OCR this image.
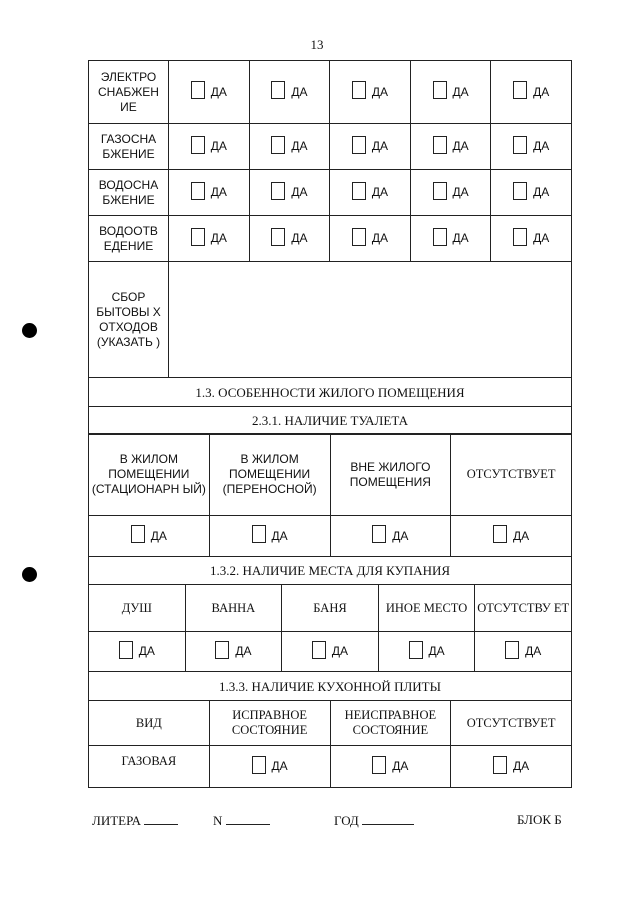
13
ЭЛЕКТРО СНАБЖЕН ИЕ	ДА	ДА	ДА	ДА	ДА

ГАЗОСНА БЖЕНИЕ	ДА	ДА	ДА	ДА	ДА

ВОДОСНА БЖЕНИЕ	ДА	ДА	ДА	ДА	ДА

ВОДООТВ ЕДЕНИЕ	ДА	ДА	ДА	ДА	ДА

СБОР БЫТОВЫ Х ОТХОДОВ (УКАЗАТЬ )					
1.3. ОСОБЕННОСТИ ЖИЛОГО ПОМЕЩЕНИЯ
2.3.1. НАЛИЧИЕ ТУАЛЕТА
В ЖИЛОМ ПОМЕЩЕНИИ (СТАЦИОНАРН ЫЙ)	В ЖИЛОМ ПОМЕЩЕНИИ (ПЕРЕНОСНОЙ)	ВНЕ ЖИЛОГО ПОМЕЩЕНИЯ	ОТСУТСТВУЕТ

ДА	ДА	ДА	ДА
1.3.2. НАЛИЧИЕ МЕСТА ДЛЯ КУПАНИЯ				
ДУШ	ВАННА	БАНЯ	ИНОЕ МЕСТО	ОТСУТСТВУ ЕТ

ДА	ДА	ДА	ДА	ДА
1.3.3. НАЛИЧИЕ КУХОННОЙ ПЛИТЫ			
ВИД	ИСПРАВНОЕ СОСТОЯНИЕ	НЕИСПРАВНОЕ СОСТОЯНИЕ	ОТСУТСТВУЕТ
ГАЗОВАЯ	ДА	ДА	ДА
ЛИТЕРА	N	ГОД	БЛОК Б
